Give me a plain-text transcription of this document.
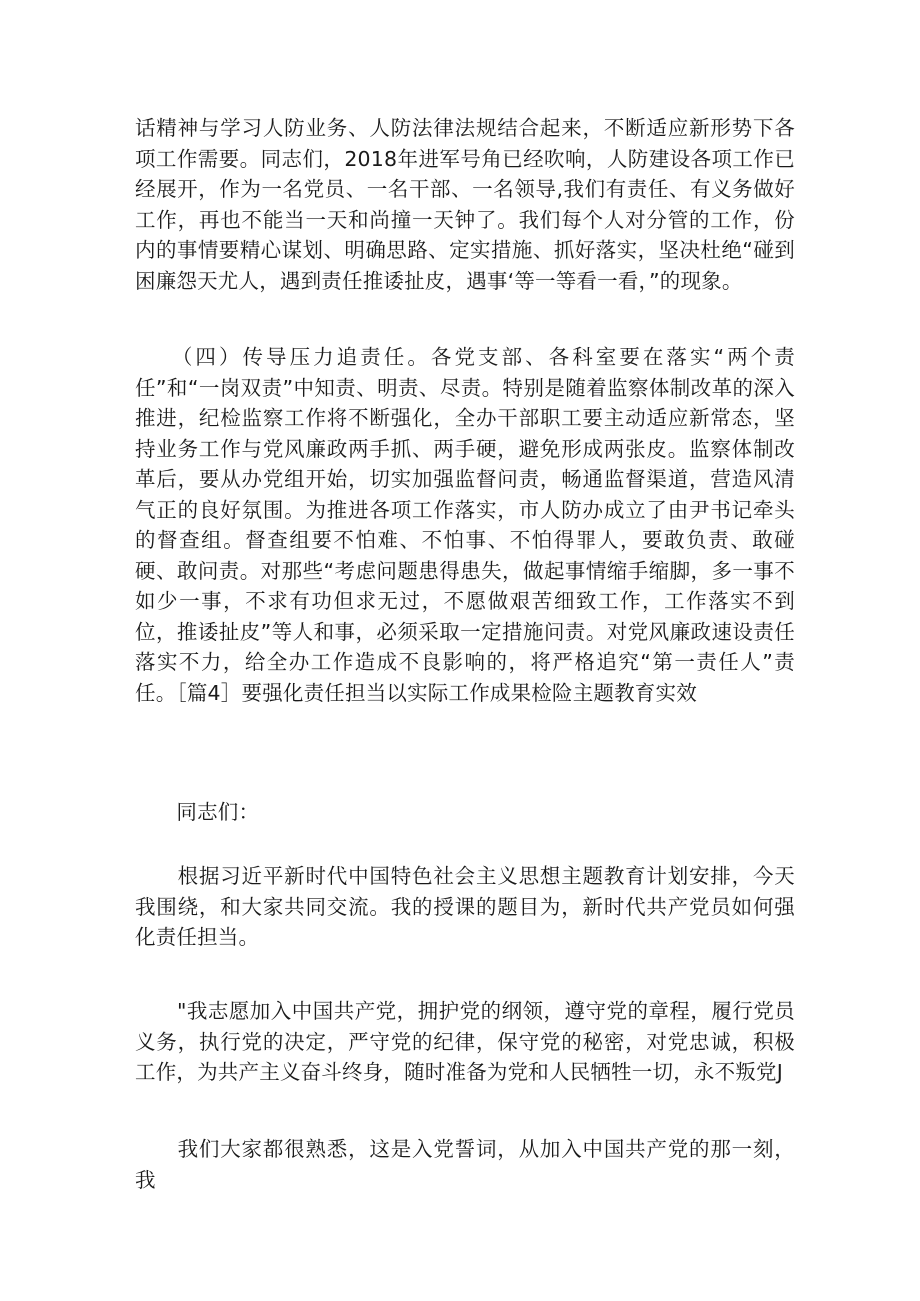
话精神与学习人防业务、人防法律法规结合起来，不断适应新形势下各项工作需要。同志们，2018年进军号角已经吹响，人防建设各项工作已经展开，作为一名党员、一名干部、一名领导,我们有责任、有义务做好工作，再也不能当一天和尚撞一天钟了。我们每个人对分管的工作，份内的事情要精心谋划、明确思路、定实措施、抓好落实，坚决杜绝“碰到困廉怨天尤人，遇到责任推诿扯皮，遇事‘等一等看一看，”的现象。

　　（四）传导压力追责任。各党支部、各科室要在落实“两个责任”和“一岗双责”中知责、明责、尽责。特别是随着监察体制改革的深入推进，纪检监察工作将不断强化，全办干部职工要主动适应新常态，坚持业务工作与党风廉政两手抓、两手硬，避免形成两张皮。监察体制改革后，要从办党组开始，切实加强监督问责，畅通监督渠道，营造风清气正的良好氛围。为推进各项工作落实，市人防办成立了由尹书记牵头的督查组。督查组要不怕难、不怕事、不怕得罪人，要敢负责、敢碰硬、敢问责。对那些“考虑问题患得患失，做起事情缩手缩脚，多一事不如少一事，不求有功但求无过，不愿做艰苦细致工作，工作落实不到位，推诿扯皮”等人和事，必须采取一定措施问责。对党风廉政速设责任落实不力，给全办工作造成不良影响的，将严格追究“第一责任人”责任。［篇4］要强化责任担当以实际工作成果检险主题教育实效

　　同志们：

　　根据习近平新时代中国特色社会主义思想主题教育计划安排，今天我围绕，和大家共同交流。我的授课的题目为，新时代共产党员如何强化责任担当。

　　"我志愿加入中国共产党，拥护党的纲领，遵守党的章程，履行党员义务，执行党的决定，严守党的纪律，保守党的秘密，对党忠诚，积极工作，为共产主义奋斗终身，随时准备为党和人民牺牲一切，永不叛党J

　　我们大家都很熟悉，这是入党誓词，从加入中国共产党的那一刻，我
